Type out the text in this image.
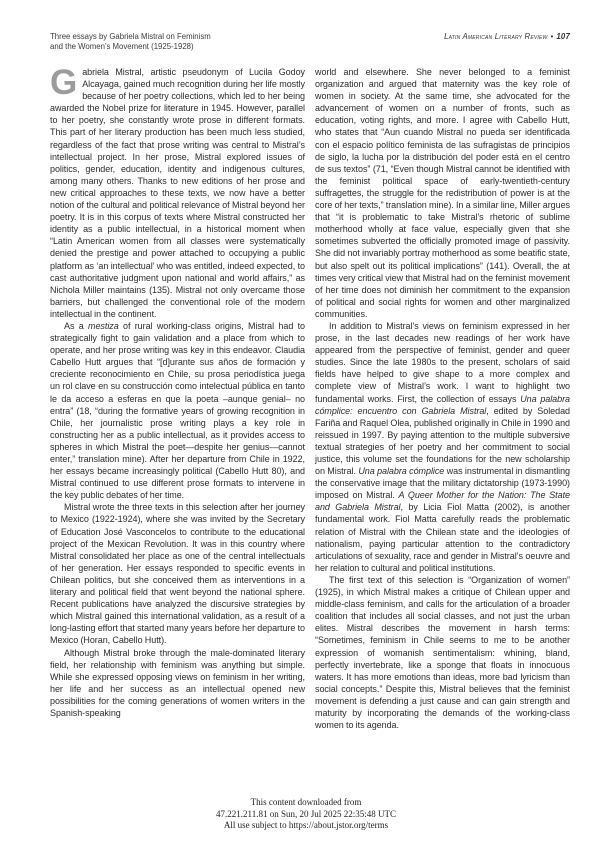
Three essays by Gabriela Mistral on Feminism
and the Women’s Movement (1925-1928)
Latin American Literary Review • 107

Gabriela Mistral, artistic pseudonym of Lucila Godoy Alcayaga, gained much recognition during her life mostly because of her poetry collections, which led to her being awarded the Nobel prize for literature in 1945. However, parallel to her poetry, she constantly wrote prose in different formats. This part of her literary production has been much less studied, regardless of the fact that prose writing was central to Mistral’s intellectual project. In her prose, Mistral explored issues of politics, gender, education, identity and indigenous cultures, among many others. Thanks to new editions of her prose and new critical approaches to these texts, we now have a better notion of the cultural and political relevance of Mistral beyond her poetry. It is in this corpus of texts where Mistral constructed her identity as a public intellectual, in a historical moment when “Latin American women from all classes were systematically denied the prestige and power attached to occupying a public platform as ‘an intellectual’ who was entitled, indeed expected, to cast authoritative judgment upon national and world affairs,” as Nichola Miller maintains (135). Mistral not only overcame those barriers, but challenged the conventional role of the modern intellectual in the continent.

As a mestiza of rural working-class origins, Mistral had to strategically fight to gain validation and a place from which to operate, and her prose writing was key in this endeavor. Claudia Cabello Hutt argues that “[d]urante sus años de formación y creciente reconocimiento en Chile, su prosa periodística juega un rol clave en su construcción como intelectual pública en tanto le da acceso a esferas en que la poeta –aunque genial– no entra” (18, “during the formative years of growing recognition in Chile, her journalistic prose writing plays a key role in constructing her as a public intellectual, as it provides access to spheres in which Mistral the poet—despite her genius—cannot enter,” translation mine). After her departure from Chile in 1922, her essays became increasingly political (Cabello Hutt 80), and Mistral continued to use different prose formats to intervene in the key public debates of her time.

Mistral wrote the three texts in this selection after her journey to Mexico (1922-1924), where she was invited by the Secretary of Education José Vasconcelos to contribute to the educational project of the Mexican Revolution. It was in this country where Mistral consolidated her place as one of the central intellectuals of her generation. Her essays responded to specific events in Chilean politics, but she conceived them as interventions in a literary and political field that went beyond the national sphere. Recent publications have analyzed the discursive strategies by which Mistral gained this international validation, as a result of a long-lasting effort that started many years before her departure to Mexico (Horan, Cabello Hutt).

Although Mistral broke through the male-dominated literary field, her relationship with feminism was anything but simple. While she expressed opposing views on feminism in her writing, her life and her success as an intellectual opened new possibilities for the coming generations of women writers in the Spanish-speaking

world and elsewhere. She never belonged to a feminist organization and argued that maternity was the key role of women in society. At the same time, she advocated for the advancement of women on a number of fronts, such as education, voting rights, and more. I agree with Cabello Hutt, who states that “Aun cuando Mistral no pueda ser identificada con el espacio político feminista de las sufragistas de principios de siglo, la lucha por la distribución del poder está en el centro de sus textos” (71, “Even though Mistral cannot be identified with the feminist political space of early-twentieth-century suffragettes, the struggle for the redistribution of power is at the core of her texts,” translation mine). In a similar line, Miller argues that “it is problematic to take Mistral’s rhetoric of sublime motherhood wholly at face value, especially given that she sometimes subverted the officially promoted image of passivity. She did not invariably portray motherhood as some beatific state, but also spelt out its political implications” (141). Overall, the at times very critical view that Mistral had on the feminist movement of her time does not diminish her commitment to the expansion of political and social rights for women and other marginalized communities.

In addition to Mistral’s views on feminism expressed in her prose, in the last decades new readings of her work have appeared from the perspective of feminist, gender and queer studies. Since the late 1980s to the present, scholars of said fields have helped to give shape to a more complex and complete view of Mistral’s work. I want to highlight two fundamental works. First, the collection of essays Una palabra cómplice: encuentro con Gabriela Mistral, edited by Soledad Fariña and Raquel Olea, published originally in Chile in 1990 and reissued in 1997. By paying attention to the multiple subversive textual strategies of her poetry and her commitment to social justice, this volume set the foundations for the new scholarship on Mistral. Una palabra cómplice was instrumental in dismantling the conservative image that the military dictatorship (1973-1990) imposed on Mistral. A Queer Mother for the Nation: The State and Gabriela Mistral, by Licia Fiol Matta (2002), is another fundamental work. Fiol Matta carefully reads the problematic relation of Mistral with the Chilean state and the ideologies of nationalism, paying particular attention to the contradictory articulations of sexuality, race and gender in Mistral’s oeuvre and her relation to cultural and political institutions.

The first text of this selection is “Organization of women” (1925), in which Mistral makes a critique of Chilean upper and middle-class feminism, and calls for the articulation of a broader coalition that includes all social classes, and not just the urban elites. Mistral describes the movement in harsh terms: “Sometimes, feminism in Chile seems to me to be another expression of womanish sentimentalism: whining, bland, perfectly invertebrate, like a sponge that floats in innocuous waters. It has more emotions than ideas, more bad lyricism than social concepts.” Despite this, Mistral believes that the feminist movement is defending a just cause and can gain strength and maturity by incorporating the demands of the working-class women to its agenda.

This content downloaded from
47.221.211.81 on Sun, 20 Jul 2025 22:35:48 UTC
All use subject to https://about.jstor.org/terms
